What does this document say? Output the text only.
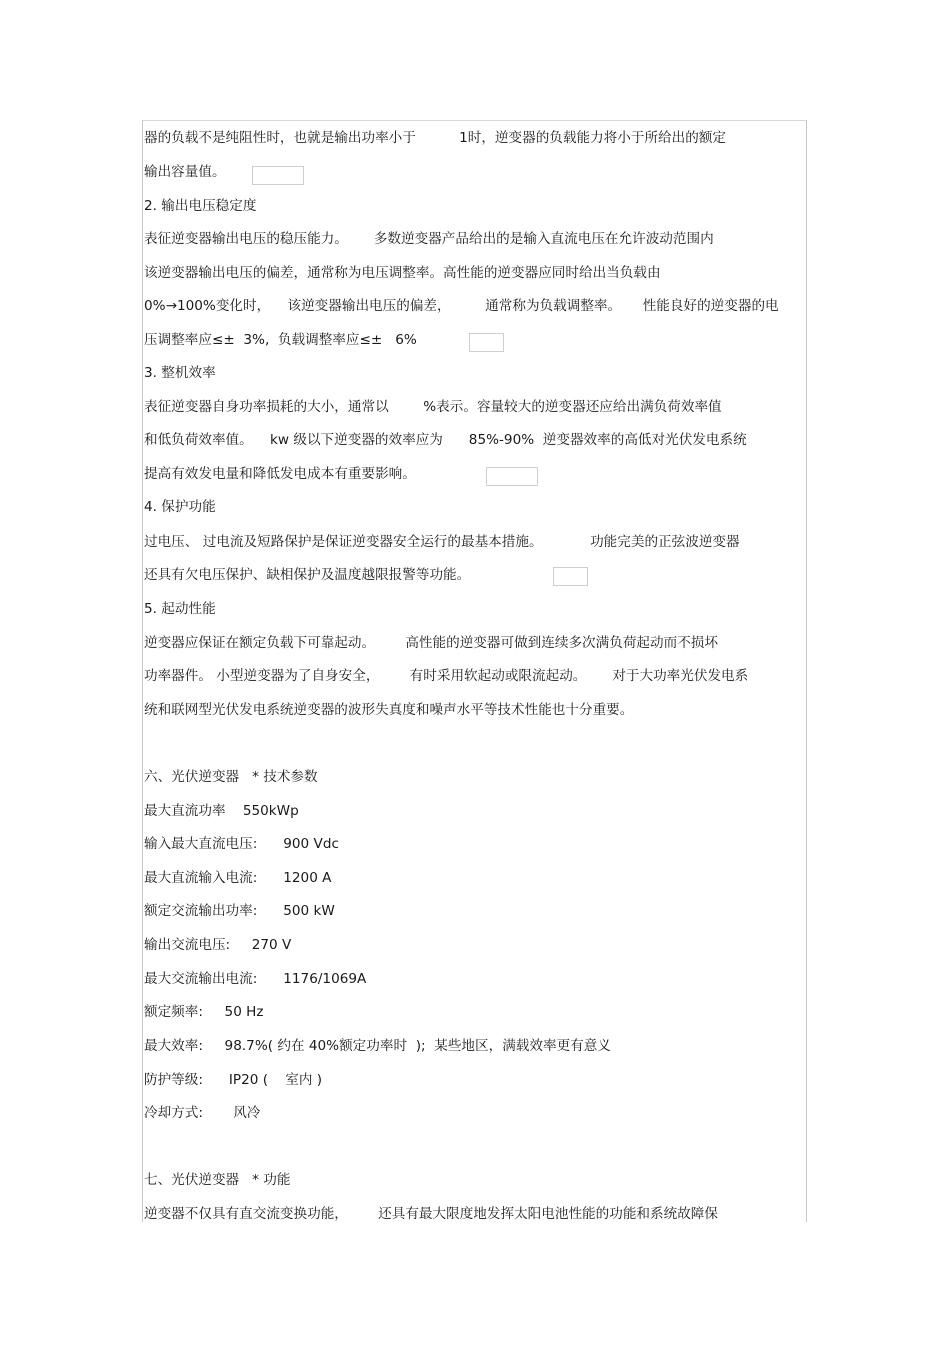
器的负载不是纯阻性时，也就是输出功率小于          1时，逆变器的负载能力将小于所给出的额定

输出容量值。

2. 输出电压稳定度

表征逆变器输出电压的稳压能力。      多数逆变器产品给出的是输入直流电压在允许波动范围内

该逆变器输出电压的偏差，通常称为电压调整率。高性能的逆变器应同时给出当负载由

0%→100%变化时，    该逆变器输出电压的偏差，        通常称为负载调整率。     性能良好的逆变器的电

压调整率应≤±  3%,  负载调整率应≤±   6%

3. 整机效率

表征逆变器自身功率损耗的大小，通常以        %表示。容量较大的逆变器还应给出满负荷效率值

和低负荷效率值。    kw 级以下逆变器的效率应为      85%-90%  逆变器效率的高低对光伏发电系统

提高有效发电量和降低发电成本有重要影响。

4. 保护功能

过电压、 过电流及短路保护是保证逆变器安全运行的最基本措施。           功能完美的正弦波逆变器

还具有欠电压保护、缺相保护及温度越限报警等功能。

5. 起动性能

逆变器应保证在额定负载下可靠起动。       高性能的逆变器可做到连续多次满负荷起动而不损坏

功率器件。 小型逆变器为了自身安全，       有时采用软起动或限流起动。      对于大功率光伏发电系

统和联网型光伏发电系统逆变器的波形失真度和噪声水平等技术性能也十分重要。

六、光伏逆变器   * 技术参数

最大直流功率    550kWp

输入最大直流电压:      900 Vdc

最大直流输入电流:      1200 A

额定交流输出功率:      500 kW

输出交流电压:     270 V

最大交流输出电流:      1176/1069A

额定频率:     50 Hz

最大效率:     98.7%( 约在 40%额定功率时  );  某些地区，满载效率更有意义

防护等级:      IP20 (    室内 )

冷却方式:       风冷

七、光伏逆变器   * 功能

逆变器不仅具有直交流变换功能，       还具有最大限度地发挥太阳电池性能的功能和系统故障保
